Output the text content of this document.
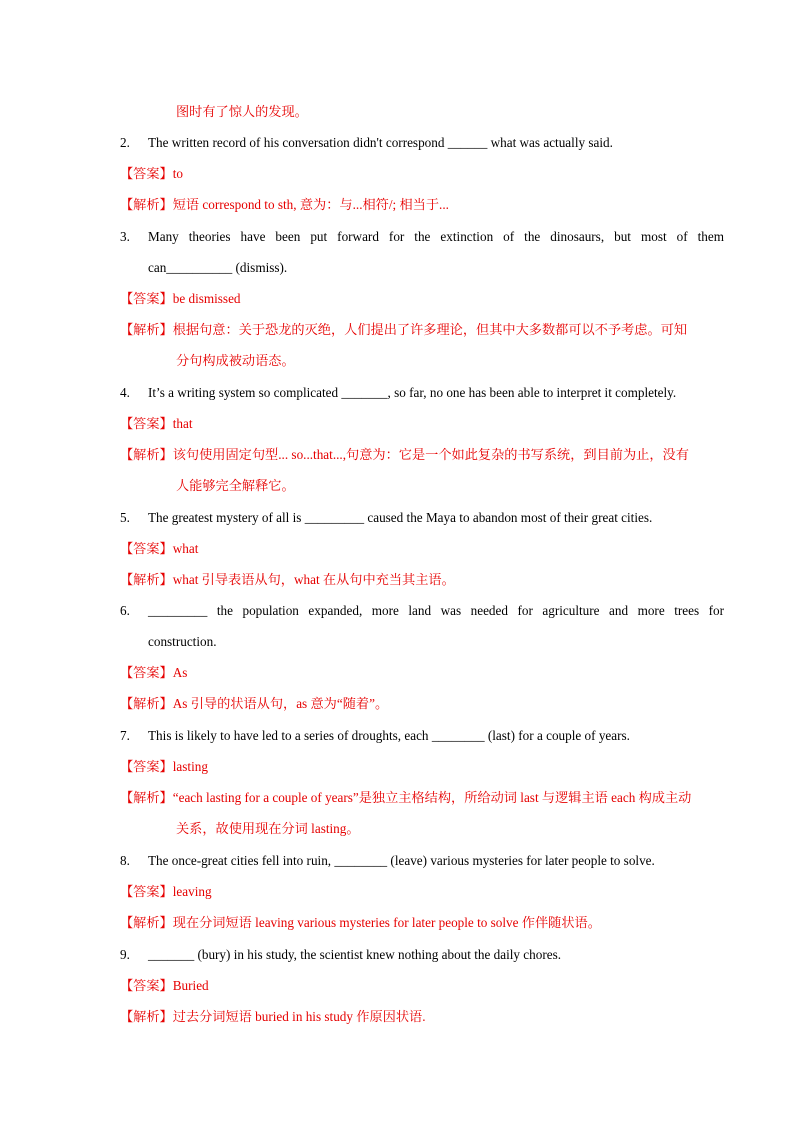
图时有了惊人的发现。
2. The written record of his conversation didn't correspond ______ what was actually said.
【答案】to
【解析】短语 correspond to sth, 意为：与...相符/; 相当于...
3. Many theories have been put forward for the extinction of the dinosaurs, but most of them
can__________ (dismiss).
【答案】be dismissed
【解析】根据句意：关于恐龙的灭绝，人们提出了许多理论，但其中大多数都可以不予考虑。可知
分句构成被动语态。
4. It’s a writing system so complicated _______, so far, no one has been able to interpret it completely.
【答案】that
【解析】该句使用固定句型... so...that...,句意为：它是一个如此复杂的书写系统，到目前为止，没有
人能够完全解释它。
5. The greatest mystery of all is _________ caused the Maya to abandon most of their great cities.
【答案】what
【解析】what 引导表语从句，what 在从句中充当其主语。
6. _________ the population expanded, more land was needed for agriculture and more trees for
construction.
【答案】As
【解析】As 引导的状语从句，as 意为“随着”。
7. This is likely to have led to a series of droughts, each ________ (last) for a couple of years.
【答案】lasting
【解析】“each lasting for a couple of years”是独立主格结构，所给动词 last 与逻辑主语 each 构成主动
关系，故使用现在分词 lasting。
8. The once-great cities fell into ruin, ________ (leave) various mysteries for later people to solve.
【答案】leaving
【解析】现在分词短语 leaving various mysteries for later people to solve 作伴随状语。
9. _______ (bury) in his study, the scientist knew nothing about the daily chores.
【答案】Buried
【解析】过去分词短语 buried in his study 作原因状语.
